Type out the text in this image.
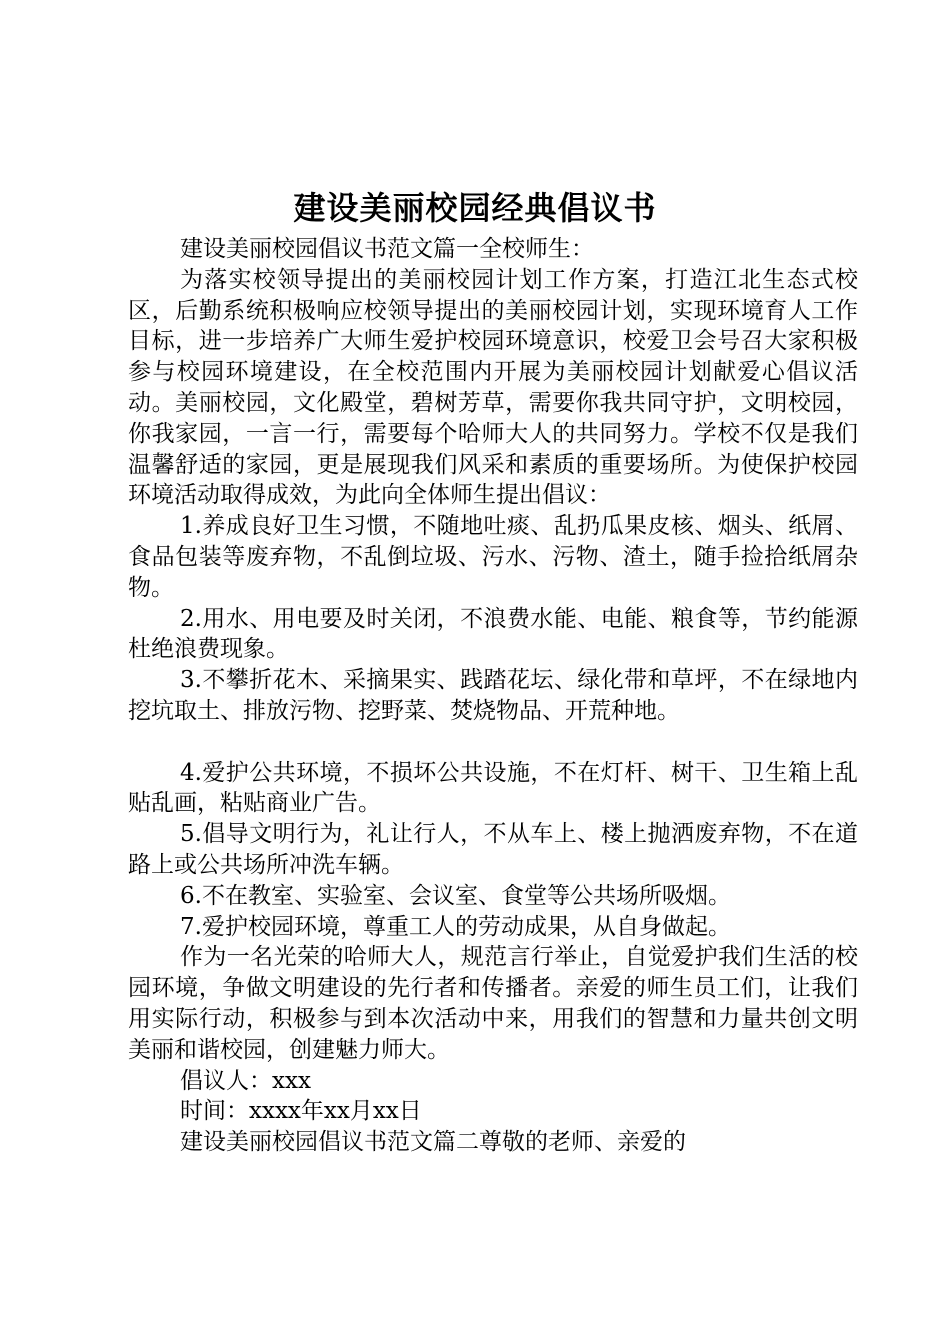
建设美丽校园经典倡议书

建设美丽校园倡议书范文篇一全校师生：

为落实校领导提出的美丽校园计划工作方案，打造江北生态式校区，后勤系统积极响应校领导提出的美丽校园计划，实现环境育人工作目标，进一步培养广大师生爱护校园环境意识，校爱卫会号召大家积极参与校园环境建设，在全校范围内开展为美丽校园计划献爱心倡议活动。美丽校园，文化殿堂，碧树芳草，需要你我共同守护，文明校园，你我家园，一言一行，需要每个哈师大人的共同努力。学校不仅是我们温馨舒适的家园，更是展现我们风采和素质的重要场所。为使保护校园环境活动取得成效，为此向全体师生提出倡议：

1.养成良好卫生习惯，不随地吐痰、乱扔瓜果皮核、烟头、纸屑、食品包装等废弃物，不乱倒垃圾、污水、污物、渣土，随手捡拾纸屑杂物。

2.用水、用电要及时关闭，不浪费水能、电能、粮食等，节约能源杜绝浪费现象。

3.不攀折花木、采摘果实、践踏花坛、绿化带和草坪，不在绿地内挖坑取土、排放污物、挖野菜、焚烧物品、开荒种地。

4.爱护公共环境，不损坏公共设施，不在灯杆、树干、卫生箱上乱贴乱画，粘贴商业广告。

5.倡导文明行为，礼让行人，不从车上、楼上抛洒废弃物，不在道路上或公共场所冲洗车辆。

6.不在教室、实验室、会议室、食堂等公共场所吸烟。

7.爱护校园环境，尊重工人的劳动成果，从自身做起。

作为一名光荣的哈师大人，规范言行举止，自觉爱护我们生活的校园环境，争做文明建设的先行者和传播者。亲爱的师生员工们，让我们用实际行动，积极参与到本次活动中来，用我们的智慧和力量共创文明美丽和谐校园，创建魅力师大。

倡议人：xxx

时间：xxxx年xx月xx日

建设美丽校园倡议书范文篇二尊敬的老师、亲爱的
